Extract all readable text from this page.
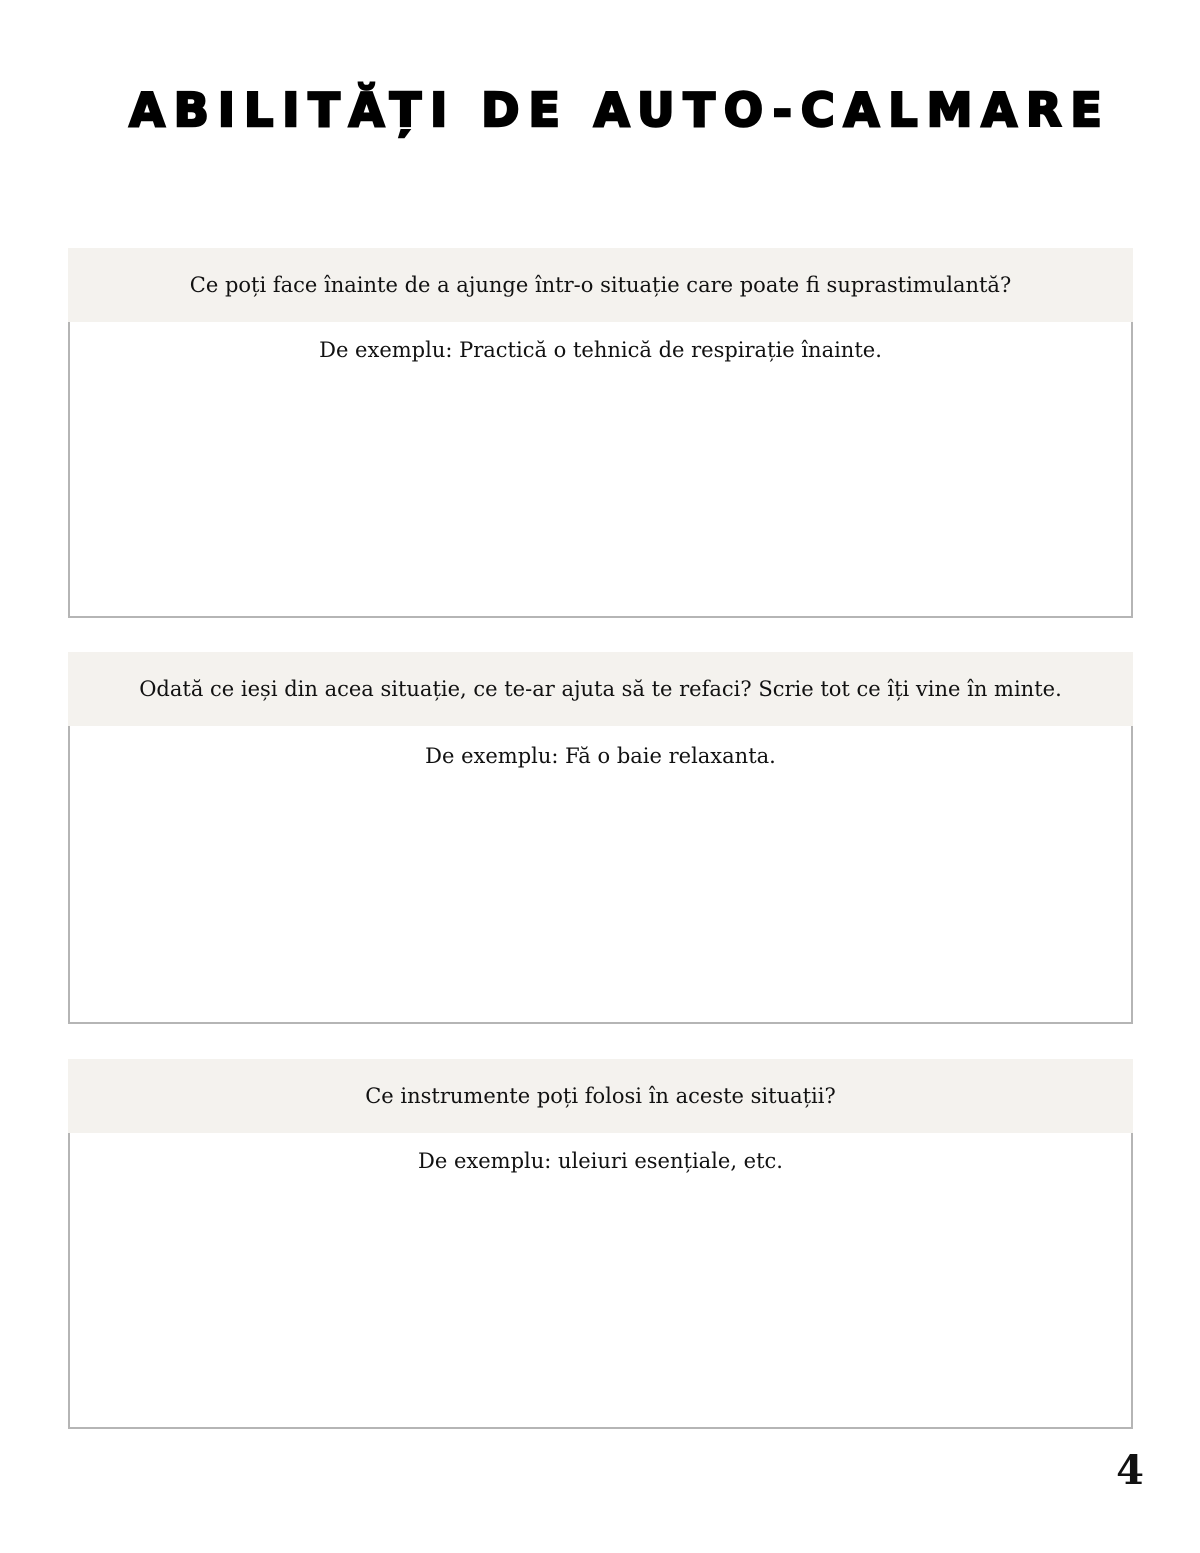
ABILITĂȚI DE AUTO-CALMARE
Ce poți face înainte de a ajunge într-o situație care poate fi suprastimulantă?
De exemplu: Practică o tehnică de respirație înainte.
Odată ce ieși din acea situație, ce te-ar ajuta să te refaci? Scrie tot ce îți vine în minte.
De exemplu: Fă o baie relaxanta.
Ce instrumente poți folosi în aceste situații?
De exemplu: uleiuri esențiale, etc.
4
